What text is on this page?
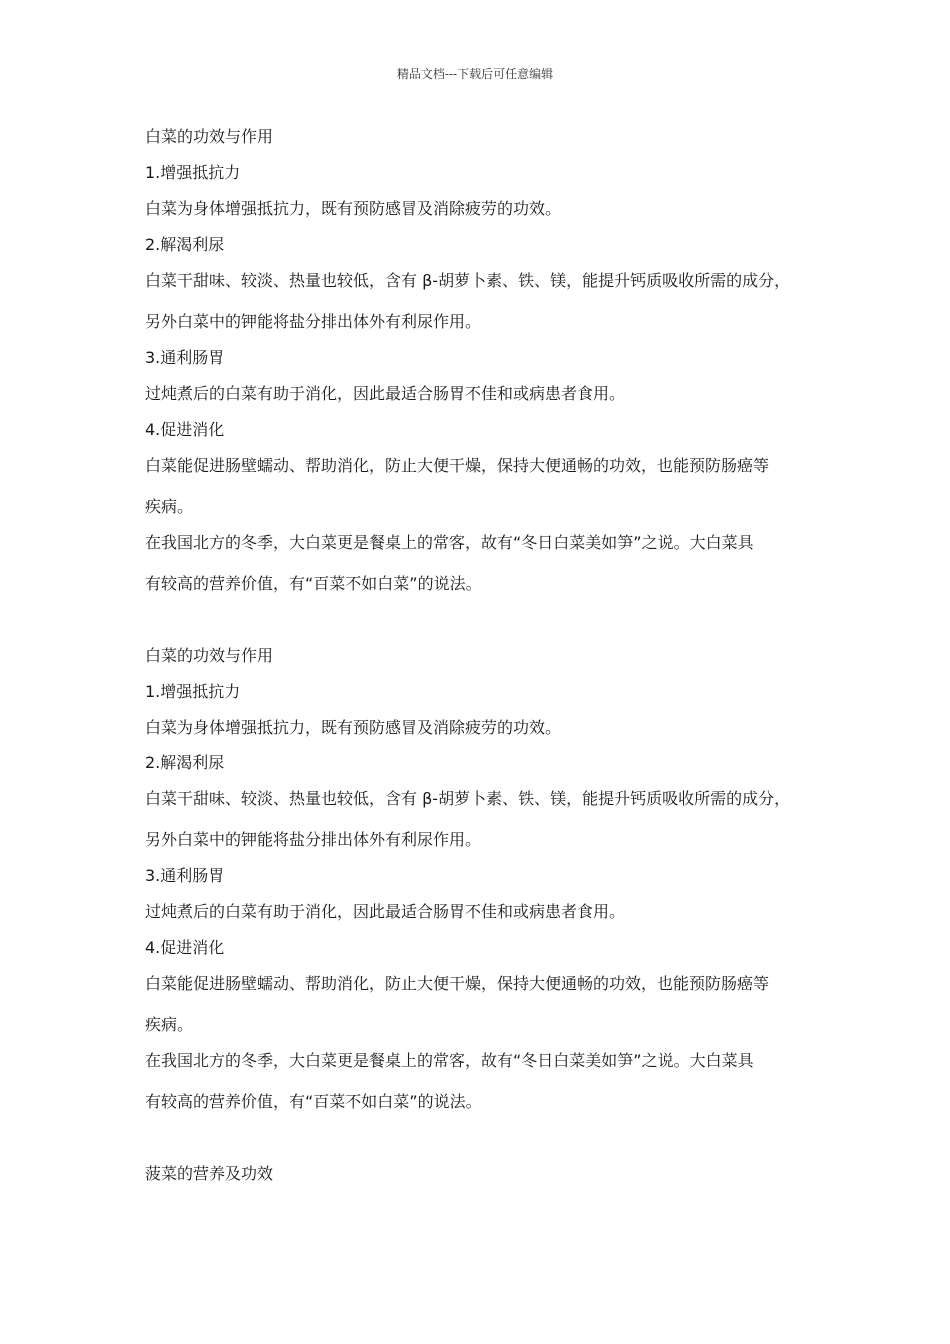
精品文档---下载后可任意编辑
白菜的功效与作用
1.增强抵抗力
白菜为身体增强抵抗力，既有预防感冒及消除疲劳的功效。
2.解渴利尿
白菜干甜味、较淡、热量也较低，含有 β-胡萝卜素、铁、镁，能提升钙质吸收所需的成分，
另外白菜中的钾能将盐分排出体外有利尿作用。
3.通利肠胃
过炖煮后的白菜有助于消化，因此最适合肠胃不佳和或病患者食用。
4.促进消化
白菜能促进肠壁蠕动、帮助消化，防止大便干燥，保持大便通畅的功效，也能预防肠癌等
疾病。
在我国北方的冬季，大白菜更是餐桌上的常客，故有“冬日白菜美如笋”之说。大白菜具
有较高的营养价值，有“百菜不如白菜”的说法。
白菜的功效与作用
1.增强抵抗力
白菜为身体增强抵抗力，既有预防感冒及消除疲劳的功效。
2.解渴利尿
白菜干甜味、较淡、热量也较低，含有 β-胡萝卜素、铁、镁，能提升钙质吸收所需的成分，
另外白菜中的钾能将盐分排出体外有利尿作用。
3.通利肠胃
过炖煮后的白菜有助于消化，因此最适合肠胃不佳和或病患者食用。
4.促进消化
白菜能促进肠壁蠕动、帮助消化，防止大便干燥，保持大便通畅的功效，也能预防肠癌等
疾病。
在我国北方的冬季，大白菜更是餐桌上的常客，故有“冬日白菜美如笋”之说。大白菜具
有较高的营养价值，有“百菜不如白菜”的说法。
菠菜的营养及功效
